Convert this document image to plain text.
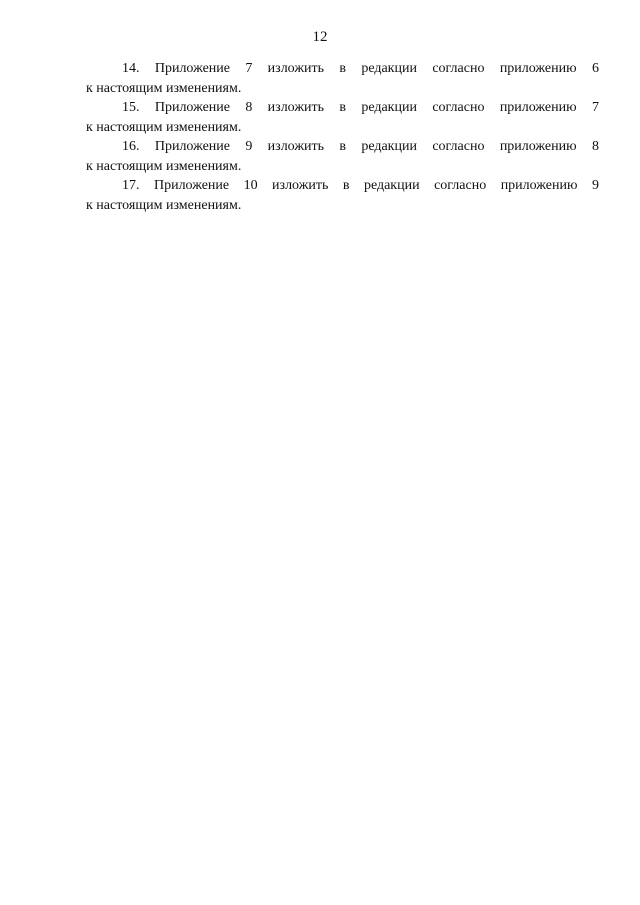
12

14. Приложение 7 изложить в редакции согласно приложению 6
к настоящим изменениям.

15. Приложение 8 изложить в редакции согласно приложению 7
к настоящим изменениям.

16. Приложение 9 изложить в редакции согласно приложению 8
к настоящим изменениям.

17. Приложение 10 изложить в редакции согласно приложению 9
к настоящим изменениям.
